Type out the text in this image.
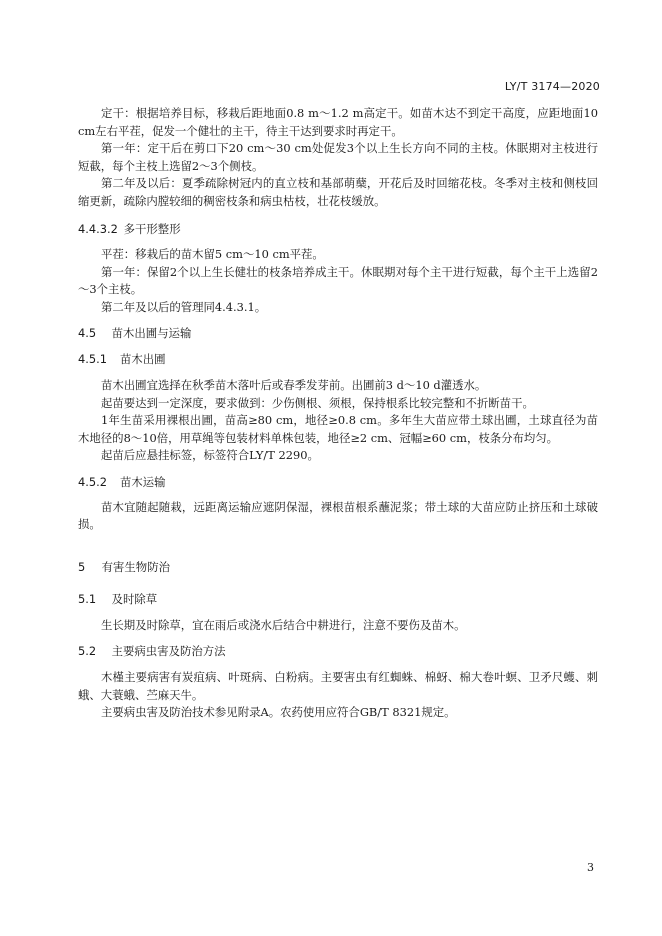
LY/T 3174—2020

定干：根据培养目标，移栽后距地面0.8 m～1.2 m高定干。如苗木达不到定干高度，应距地面10 cm左右平茬，促发一个健壮的主干，待主干达到要求时再定干。

第一年：定干后在剪口下20 cm～30 cm处促发3个以上生长方向不同的主枝。休眠期对主枝进行短截，每个主枝上选留2～3个侧枝。

第二年及以后：夏季疏除树冠内的直立枝和基部萌蘖，开花后及时回缩花枝。冬季对主枝和侧枝回缩更新，疏除内膛较细的稠密枝条和病虫枯枝，壮花枝缓放。

4.4.3.2 多干形整形

平茬：移栽后的苗木留5 cm～10 cm平茬。

第一年：保留2个以上生长健壮的枝条培养成主干。休眠期对每个主干进行短截，每个主干上选留2～3个主枝。

第二年及以后的管理同4.4.3.1。

4.5 苗木出圃与运输

4.5.1 苗木出圃

苗木出圃宜选择在秋季苗木落叶后或春季发芽前。出圃前3 d～10 d灌透水。

起苗要达到一定深度，要求做到：少伤侧根、须根，保持根系比较完整和不折断苗干。

1年生苗采用裸根出圃，苗高≥80 cm，地径≥0.8 cm。多年生大苗应带土球出圃，土球直径为苗木地径的8～10倍，用草绳等包装材料单株包装，地径≥2 cm、冠幅≥60 cm，枝条分布均匀。

起苗后应悬挂标签，标签符合LY/T 2290。

4.5.2 苗木运输

苗木宜随起随栽，远距离运输应遮阴保湿，裸根苗根系蘸泥浆；带土球的大苗应防止挤压和土球破损。

5 有害生物防治

5.1 及时除草

生长期及时除草，宜在雨后或浇水后结合中耕进行，注意不要伤及苗木。

5.2 主要病虫害及防治方法

木槿主要病害有炭疽病、叶斑病、白粉病。主要害虫有红蜘蛛、棉蚜、棉大卷叶螟、卫矛尺蠖、刺蛾、大蓑蛾、苎麻天牛。

主要病虫害及防治技术参见附录A。农药使用应符合GB/T 8321规定。

3
